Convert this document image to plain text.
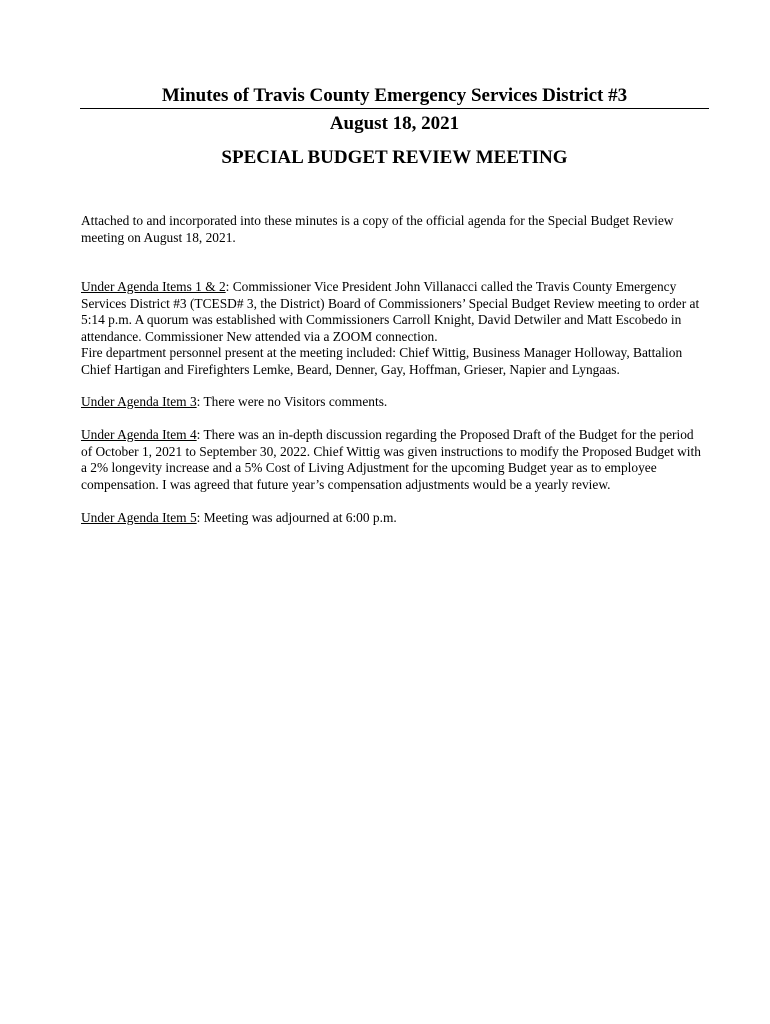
Minutes of Travis County Emergency Services District #3
August 18, 2021
SPECIAL BUDGET REVIEW MEETING

Attached to and incorporated into these minutes is a copy of the official agenda for the Special Budget Review meeting on August 18, 2021.

Under Agenda Items 1 & 2: Commissioner Vice President John Villanacci called the Travis County Emergency Services District #3 (TCESD# 3, the District) Board of Commissioners’ Special Budget Review meeting to order at 5:14 p.m. A quorum was established with Commissioners Carroll Knight, David Detwiler and Matt Escobedo in attendance. Commissioner New attended via a ZOOM connection.
Fire department personnel present at the meeting included: Chief Wittig, Business Manager Holloway, Battalion Chief Hartigan and Firefighters Lemke, Beard, Denner, Gay, Hoffman, Grieser, Napier and Lyngaas.

Under Agenda Item 3: There were no Visitors comments.

Under Agenda Item 4: There was an in-depth discussion regarding the Proposed Draft of the Budget for the period of October 1, 2021 to September 30, 2022. Chief Wittig was given instructions to modify the Proposed Budget with a 2% longevity increase and a 5% Cost of Living Adjustment for the upcoming Budget year as to employee compensation. I was agreed that future year’s compensation adjustments would be a yearly review.

Under Agenda Item 5: Meeting was adjourned at 6:00 p.m.
